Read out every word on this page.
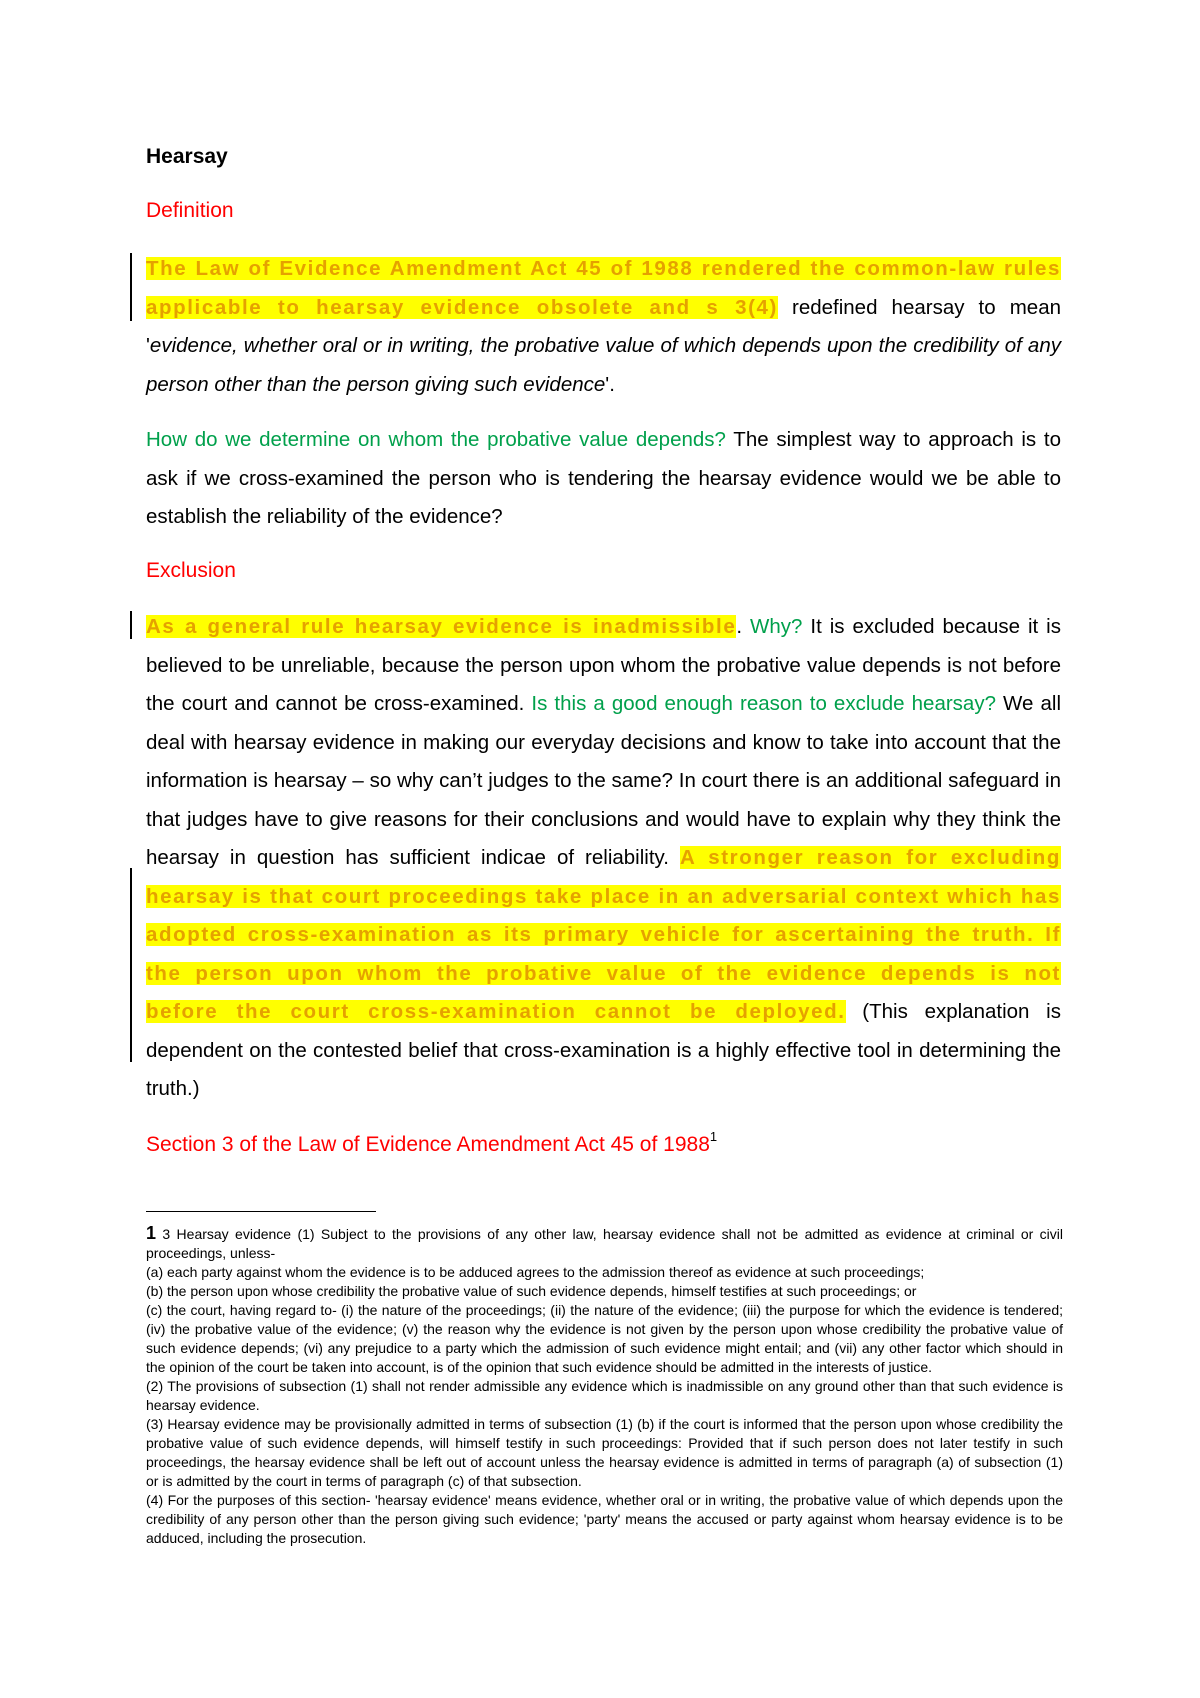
Hearsay
Definition

The Law of Evidence Amendment Act 45 of 1988 rendered the common-law rules applicable to hearsay evidence obsolete and s 3(4) redefined hearsay to mean 'evidence, whether oral or in writing, the probative value of which depends upon the credibility of any person other than the person giving such evidence'.

How do we determine on whom the probative value depends? The simplest way to approach is to ask if we cross-examined the person who is tendering the hearsay evidence would we be able to establish the reliability of the evidence?

Exclusion

As a general rule hearsay evidence is inadmissible. Why? It is excluded because it is believed to be unreliable, because the person upon whom the probative value depends is not before the court and cannot be cross-examined. Is this a good enough reason to exclude hearsay? We all deal with hearsay evidence in making our everyday decisions and know to take into account that the information is hearsay – so why can’t judges to the same? In court there is an additional safeguard in that judges have to give reasons for their conclusions and would have to explain why they think the hearsay in question has sufficient indicae of reliability. A stronger reason for excluding hearsay is that court proceedings take place in an adversarial context which has adopted cross-examination as its primary vehicle for ascertaining the truth. If the person upon whom the probative value of the evidence depends is not before the court cross-examination cannot be deployed. (This explanation is dependent on the contested belief that cross-examination is a highly effective tool in determining the truth.)

Section 3 of the Law of Evidence Amendment Act 45 of 1988$^1$

1 3 Hearsay evidence (1) Subject to the provisions of any other law, hearsay evidence shall not be admitted as evidence at criminal or civil proceedings, unless-

(a) each party against whom the evidence is to be adduced agrees to the admission thereof as evidence at such proceedings;

(b) the person upon whose credibility the probative value of such evidence depends, himself testifies at such proceedings; or

(c) the court, having regard to- (i) the nature of the proceedings; (ii) the nature of the evidence; (iii) the purpose for which the evidence is tendered; (iv) the probative value of the evidence; (v) the reason why the evidence is not given by the person upon whose credibility the probative value of such evidence depends; (vi) any prejudice to a party which the admission of such evidence might entail; and (vii) any other factor which should in the opinion of the court be taken into account, is of the opinion that such evidence should be admitted in the interests of justice.

(2) The provisions of subsection (1) shall not render admissible any evidence which is inadmissible on any ground other than that such evidence is hearsay evidence.

(3) Hearsay evidence may be provisionally admitted in terms of subsection (1) (b) if the court is informed that the person upon whose credibility the probative value of such evidence depends, will himself testify in such proceedings: Provided that if such person does not later testify in such proceedings, the hearsay evidence shall be left out of account unless the hearsay evidence is admitted in terms of paragraph (a) of subsection (1) or is admitted by the court in terms of paragraph (c) of that subsection.

(4) For the purposes of this section- 'hearsay evidence' means evidence, whether oral or in writing, the probative value of which depends upon the credibility of any person other than the person giving such evidence; 'party' means the accused or party against whom hearsay evidence is to be adduced, including the prosecution.
